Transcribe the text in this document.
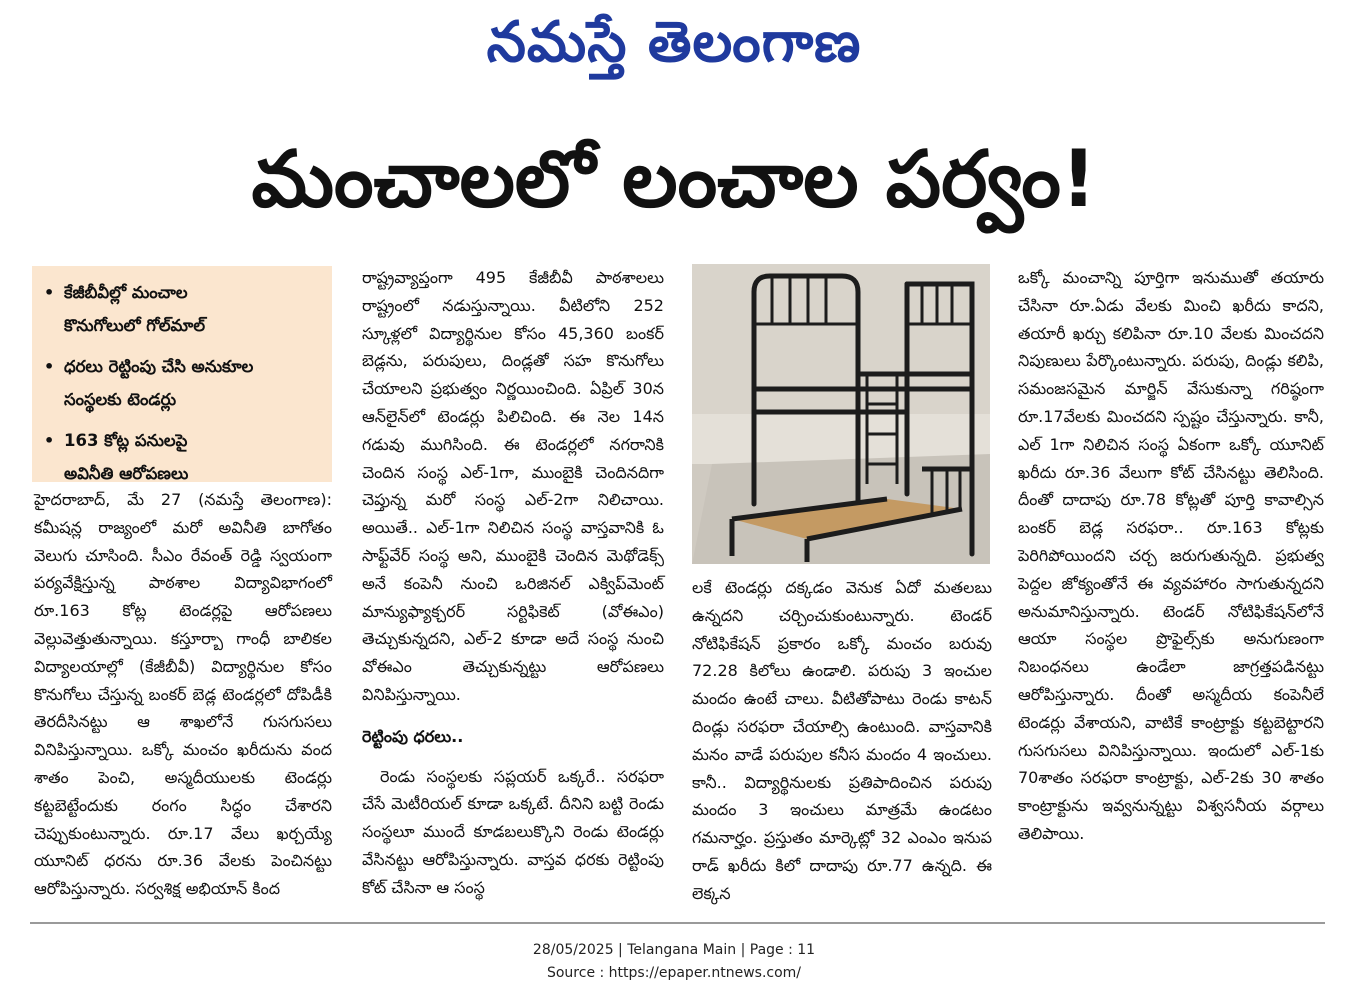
నమస్తే తెలంగాణ
మంచాలలో లంచాల పర్వం!
• కేజీబీవీల్లో మంచాల
కొనుగోలులో గోల్‌మాల్
• ధరలు రెట్టింపు చేసి అనుకూల
సంస్థలకు టెండర్లు
• 163 కోట్ల పనులపై
అవినీతి ఆరోపణలు

హైదరాబాద్, మే 27 (నమస్తే తెలంగాణ): కమీషన్ల రాజ్యంలో మరో అవినీతి బాగోతం వెలుగు చూసింది. సీఎం రేవంత్ రెడ్డి స్వయంగా పర్యవేక్షిస్తున్న పాఠశాల విద్యావిభాగంలో రూ.163 కోట్ల టెండర్లపై ఆరోపణలు వెల్లువెత్తుతున్నాయి. కస్తూర్బా గాంధీ బాలికల విద్యాలయాల్లో (కేజీబీవీ) విద్యార్థినుల కోసం కొనుగోలు చేస్తున్న బంకర్ బెడ్ల టెండర్లలో దోపిడీకి తెరదీసినట్టు ఆ శాఖలోనే గుసగుసలు వినిపిస్తున్నాయి. ఒక్కో మంచం ఖరీదును వంద శాతం పెంచి, అస్మదీయులకు టెండర్లు కట్టబెట్టేందుకు రంగం సిద్ధం చేశారని చెప్పుకుంటున్నారు. రూ.17 వేలు ఖర్చయ్యే యూనిట్ ధరను రూ.36 వేలకు పెంచినట్టు ఆరోపిస్తున్నారు. సర్వశిక్ష అభియాన్ కింద

రాష్ట్రవ్యాప్తంగా 495 కేజీబీవీ పాఠశాలలు రాష్ట్రంలో నడుస్తున్నాయి. వీటిలోని 252 స్కూళ్లలో విద్యార్థినుల కోసం 45,360 బంకర్ బెడ్లను, పరుపులు, దిండ్లతో సహ కొనుగోలు చేయాలని ప్రభుత్వం నిర్ణయించింది. ఏప్రిల్ 30న ఆన్‌లైన్‌లో టెండర్లు పిలిచింది. ఈ నెల 14న గడువు ముగిసింది. ఈ టెండర్లలో నగరానికి చెందిన సంస్థ ఎల్-1గా, ముంబైకి చెందినదిగా చెప్తున్న మరో సంస్థ ఎల్-2గా నిలిచాయి. అయితే.. ఎల్-1గా నిలిచిన సంస్థ వాస్తవానికి ఓ సాఫ్ట్‌వేర్ సంస్థ అని, ముంబైకి చెందిన మెథోడెక్స్ అనే కంపెనీ నుంచి ఒరిజినల్ ఎక్విప్‌మెంట్ మాన్యుఫ్యాక్చరర్ సర్టిఫికెట్ (వోఈఎం) తెచ్చుకున్నదని, ఎల్-2 కూడా అదే సంస్థ నుంచి వోఈఎం తెచ్చుకున్నట్టు ఆరోపణలు వినిపిస్తున్నాయి.

రెట్టింపు ధరలు..

రెండు సంస్థలకు సప్లయర్ ఒక్కరే.. సరఫరా చేసే మెటీరియల్ కూడా ఒక్కటే. దీనిని బట్టి రెండు సంస్థలూ ముందే కూడబలుక్కొని రెండు టెండర్లు వేసినట్టు ఆరోపిస్తున్నారు. వాస్తవ ధరకు రెట్టింపు కోట్ చేసినా ఆ సంస్థ

లకే టెండర్లు దక్కడం వెనుక ఏదో మతలబు ఉన్నదని చర్చించుకుంటున్నారు. టెండర్ నోటిఫికేషన్ ప్రకారం ఒక్కో మంచం బరువు 72.28 కిలోలు ఉండాలి. పరుపు 3 ఇంచుల మందం ఉంటే చాలు. వీటితోపాటు రెండు కాటన్ దిండ్లు సరఫరా చేయాల్సి ఉంటుంది. వాస్తవానికి మనం వాడే పరుపుల కనీస మందం 4 ఇంచులు. కానీ.. విద్యార్థినులకు ప్రతిపాదించిన పరుపు మందం 3 ఇంచులు మాత్రమే ఉండటం గమనార్హం. ప్రస్తుతం మార్కెట్లో 32 ఎంఎం ఇనుప రాడ్ ఖరీదు కిలో దాదాపు రూ.77 ఉన్నది. ఈ లెక్కన

ఒక్కో మంచాన్ని పూర్తిగా ఇనుముతో తయారు చేసినా రూ.ఏడు వేలకు మించి ఖరీదు కాదని, తయారీ ఖర్చు కలిపినా రూ.10 వేలకు మించదని నిపుణులు పేర్కొంటున్నారు. పరుపు, దిండ్లు కలిపి, సమంజసమైన మార్జిన్ వేసుకున్నా గరిష్ఠంగా రూ.17వేలకు మించదని స్పష్టం చేస్తున్నారు. కానీ, ఎల్ 1గా నిలిచిన సంస్థ ఏకంగా ఒక్కో యూనిట్ ఖరీదు రూ.36 వేలుగా కోట్ చేసినట్టు తెలిసింది. దీంతో దాదాపు రూ.78 కోట్లతో పూర్తి కావాల్సిన బంకర్ బెడ్ల సరఫరా.. రూ.163 కోట్లకు పెరిగిపోయిందని చర్చ జరుగుతున్నది. ప్రభుత్వ పెద్దల జోక్యంతోనే ఈ వ్యవహారం సాగుతున్నదని అనుమానిస్తున్నారు. టెండర్ నోటిఫికేషన్‌లోనే ఆయా సంస్థల ప్రొఫైల్స్‌కు అనుగుణంగా నిబంధనలు ఉండేలా జాగ్రత్తపడినట్టు ఆరోపిస్తున్నారు. దీంతో అస్మదీయ కంపెనీలే టెండర్లు వేశాయని, వాటికే కాంట్రాక్టు కట్టబెట్టారని గుసగుసలు వినిపిస్తున్నాయి. ఇందులో ఎల్-1కు 70శాతం సరఫరా కాంట్రాక్టు, ఎల్-2కు 30 శాతం కాంట్రాక్టును ఇవ్వనున్నట్టు విశ్వసనీయ వర్గాలు తెలిపాయి.

28/05/2025 | Telangana Main | Page : 11
Source : https://epaper.ntnews.com/
